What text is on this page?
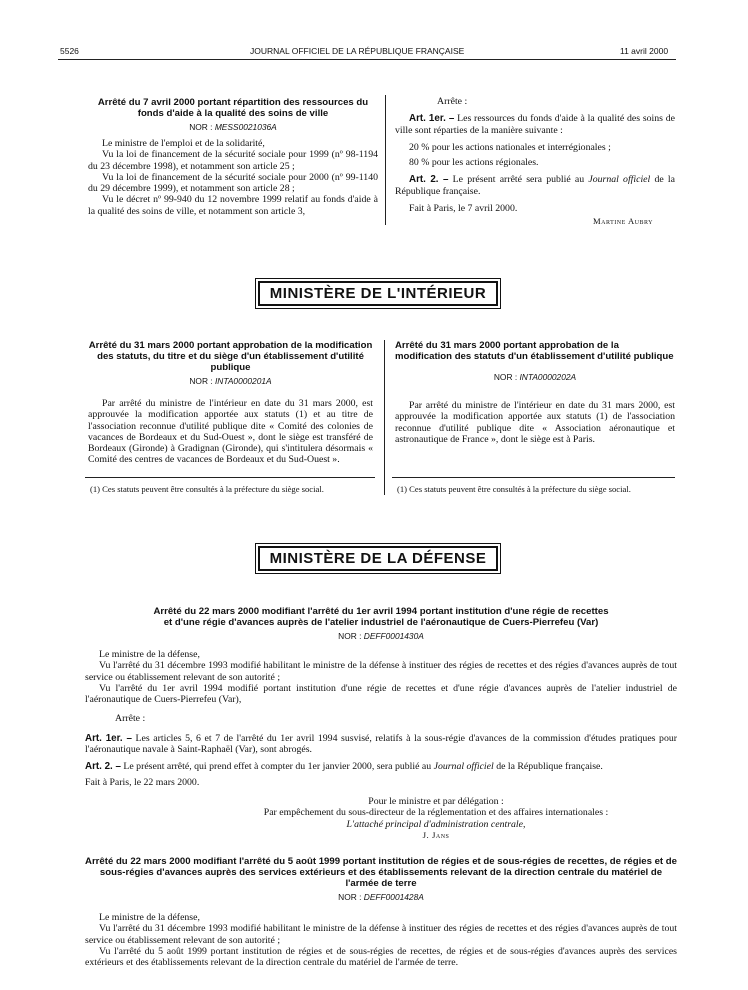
5526	JOURNAL OFFICIEL DE LA RÉPUBLIQUE FRANÇAISE	11 avril 2000
Arrêté du 7 avril 2000 portant répartition des ressources du fonds d'aide à la qualité des soins de ville
NOR : MESS0021036A

Le ministre de l'emploi et de la solidarité,

Vu la loi de financement de la sécurité sociale pour 1999 (nº 98-1194 du 23 décembre 1998), et notamment son article 25 ;

Vu la loi de financement de la sécurité sociale pour 2000 (nº 99-1140 du 29 décembre 1999), et notamment son article 28 ;

Vu le décret nº 99-940 du 12 novembre 1999 relatif au fonds d'aide à la qualité des soins de ville, et notamment son article 3,

Arrête :

Art. 1er. – Les ressources du fonds d'aide à la qualité des soins de ville sont réparties de la manière suivante :

20 % pour les actions nationales et interrégionales ;

80 % pour les actions régionales.

Art. 2. – Le présent arrêté sera publié au Journal officiel de la République française.

Fait à Paris, le 7 avril 2000.

Martine Aubry

MINISTÈRE DE L'INTÉRIEUR
Arrêté du 31 mars 2000 portant approbation de la modification des statuts, du titre et du siège d'un établissement d'utilité publique
NOR : INTA0000201A

Par arrêté du ministre de l'intérieur en date du 31 mars 2000, est approuvée la modification apportée aux statuts (1) et au titre de l'association reconnue d'utilité publique dite « Comité des colonies de vacances de Bordeaux et du Sud-Ouest », dont le siège est transféré de Bordeaux (Gironde) à Gradignan (Gironde), qui s'intitulera désormais « Comité des centres de vacances de Bordeaux et du Sud-Ouest ».

(1) Ces statuts peuvent être consultés à la préfecture du siège social.
Arrêté du 31 mars 2000 portant approbation de la modification des statuts d'un établissement d'utilité publique
NOR : INTA0000202A

Par arrêté du ministre de l'intérieur en date du 31 mars 2000, est approuvée la modification apportée aux statuts (1) de l'association reconnue d'utilité publique dite « Association aéronautique et astronautique de France », dont le siège est à Paris.

(1) Ces statuts peuvent être consultés à la préfecture du siège social.
MINISTÈRE DE LA DÉFENSE
Arrêté du 22 mars 2000 modifiant l'arrêté du 1er avril 1994 portant institution d'une régie de recettes
et d'une régie d'avances auprès de l'atelier industriel de l'aéronautique de Cuers-Pierrefeu (Var)
NOR : DEFF0001430A

Le ministre de la défense,

Vu l'arrêté du 31 décembre 1993 modifié habilitant le ministre de la défense à instituer des régies de recettes et des régies d'avances auprès de tout service ou établissement relevant de son autorité ;

Vu l'arrêté du 1er avril 1994 modifié portant institution d'une régie de recettes et d'une régie d'avances auprès de l'atelier industriel de l'aéronautique de Cuers-Pierrefeu (Var),

Arrête :

Art. 1er. – Les articles 5, 6 et 7 de l'arrêté du 1er avril 1994 susvisé, relatifs à la sous-régie d'avances de la commission d'études pratiques pour l'aéronautique navale à Saint-Raphaël (Var), sont abrogés.

Art. 2. – Le présent arrêté, qui prend effet à compter du 1er janvier 2000, sera publié au Journal officiel de la République française.

Fait à Paris, le 22 mars 2000.

Pour le ministre et par délégation :
Par empêchement du sous-directeur de la réglementation et des affaires internationales :
L'attaché principal d'administration centrale,
J. Jans
Arrêté du 22 mars 2000 modifiant l'arrêté du 5 août 1999 portant institution de régies et de sous-régies de recettes, de régies et de sous-régies d'avances auprès des services extérieurs et des établissements relevant de la direction centrale du matériel de l'armée de terre
NOR : DEFF0001428A

Le ministre de la défense,

Vu l'arrêté du 31 décembre 1993 modifié habilitant le ministre de la défense à instituer des régies de recettes et des régies d'avances auprès de tout service ou établissement relevant de son autorité ;

Vu l'arrêté du 5 août 1999 portant institution de régies et de sous-régies de recettes, de régies et de sous-régies d'avances auprès des services extérieurs et des établissements relevant de la direction centrale du matériel de l'armée de terre.
